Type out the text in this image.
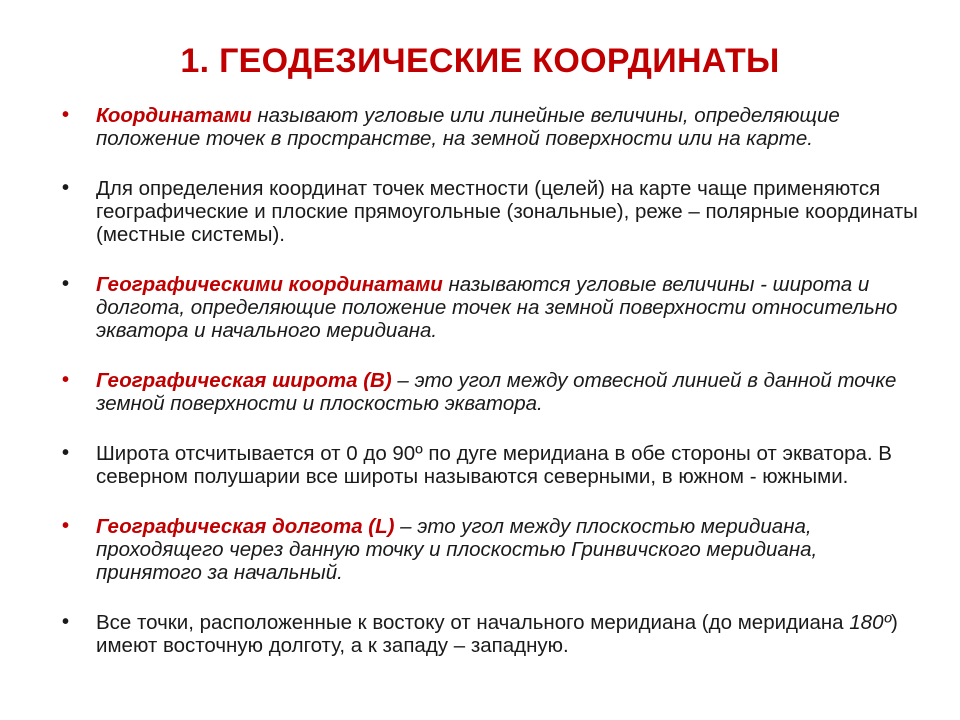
1. ГЕОДЕЗИЧЕСКИЕ КООРДИНАТЫ
• Координатами называют угловые или линейные величины, определяющие положение точек в пространстве, на земной поверхности или на карте.
• Для определения координат точек местности (целей) на карте чаще применяются географические и плоские прямоугольные (зональные), реже – полярные координаты (местные системы).
• Географическими координатами называются угловые величины - широта и долгота, определяющие положение точек на земной поверхности относительно экватора и начального меридиана.
• Географическая широта (В) – это угол между отвесной линией в данной точке земной поверхности и плоскостью экватора.
• Широта отсчитывается от 0 до 90º по дуге меридиана в обе стороны от экватора. В северном полушарии все широты называются северными, в южном - южными.
• Географическая долгота (L) – это угол между плоскостью меридиана, проходящего через данную точку и плоскостью Гринвичского меридиана, принятого за начальный.
• Все точки, расположенные к востоку от начального меридиана (до меридиана 180º) имеют восточную долготу, а к западу – западную.
